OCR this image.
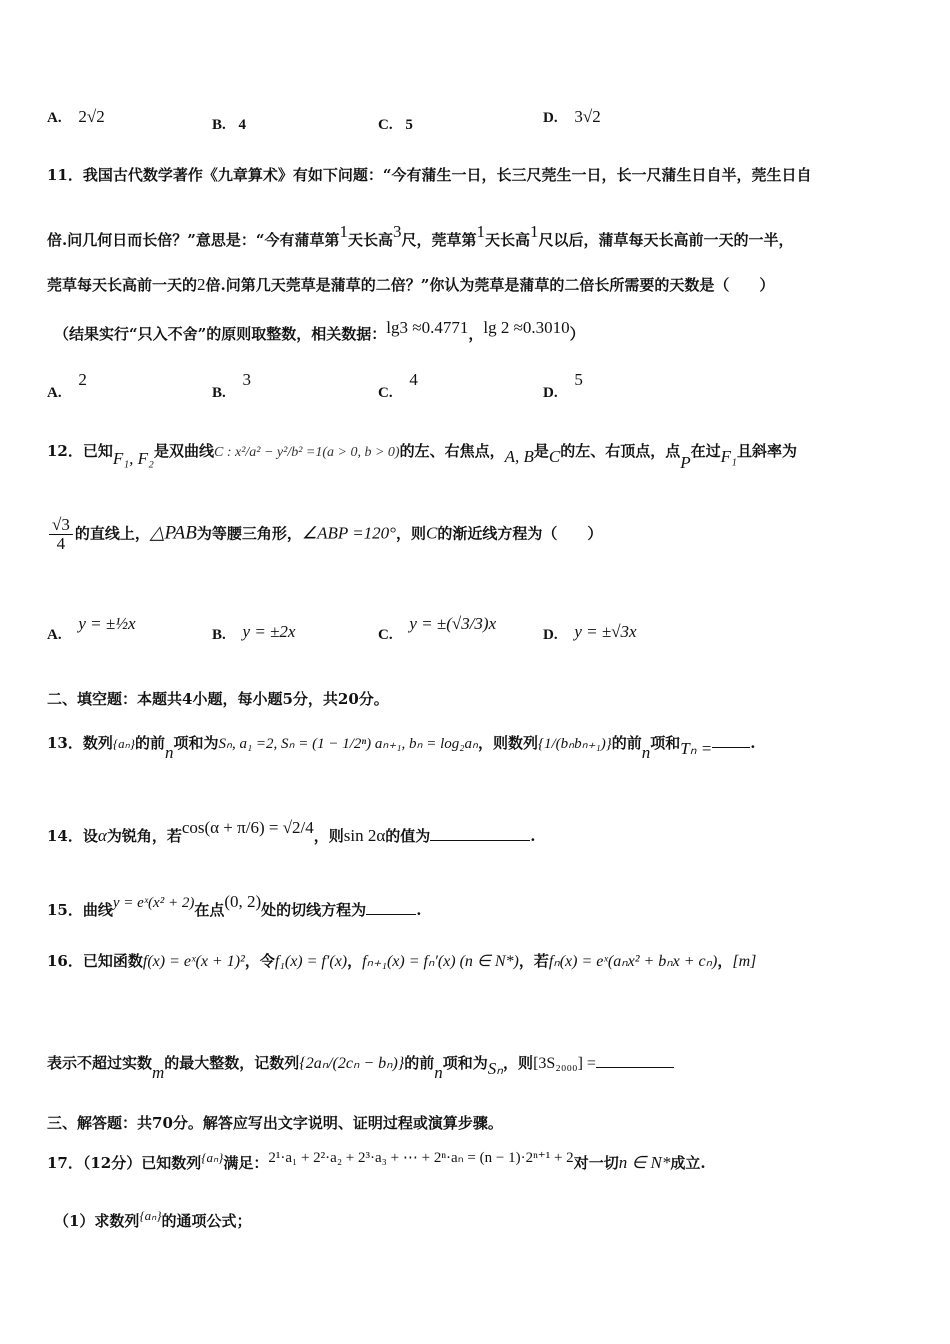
A. 2√2	B. 4	C. 5	D. 3√2
11．我国古代数学著作《九章算术》有如下问题：“今有蒲生一日，长三尺莞生一日，长一尺蒲生日自半，莞生日自
倍.问几何日而长倍？”意思是：“今有蒲草第1天长高3尺，莞草第1天长高1尺以后，蒲草每天长高前一天的一半，
莞草每天长高前一天的2倍.问第几天莞草是蒲草的二倍？”你认为莞草是蒲草的二倍长所需要的天数是（　　）
（结果实行“只入不舍”的原则取整数，相关数据：lg3 ≈0.4771，lg 2 ≈0.3010）
A. 2
B. 3
C. 4
D. 5
12．已知F₁, F₂是双曲线C : x²/a² − y²/b² =1(a > 0, b > 0)的左、右焦点，A, B是C的左、右顶点，点P在过F₁且斜率为
$\frac{√3}{4}$ 的直线上，△PAB为等腰三角形，∠ABP =120°，则C的渐近线方程为（　　）
A. y = ±½x
B. y = ±2x	C. y = ±(√3/3)x
D. y = ±√3x
二、填空题：本题共4小题，每小题5分，共20分。
13．数列{aₙ}的前n项和为Sₙ, a₁ =2, Sₙ = (1 − 1/2ⁿ) aₙ₊₁, bₙ = log₂aₙ，则数列{1/(bₙbₙ₊₁)}的前n项和Tₙ =	.
14．设α为锐角，若cos(α + π/6) = √2/4，则sin 2α的值为	.
15．曲线y = eˣ(x² + 2)在点(0, 2)处的切线方程为	.
16．已知函数f(x) = eˣ(x + 1)²，令f₁(x) = f′(x)，fₙ₊₁(x) = fₙ′(x) (n ∈ N*)，若fₙ(x) = eˣ(aₙx² + bₙx + cₙ)，[m]
表示不超过实数m的最大整数，记数列{2aₙ/(2cₙ − bₙ)}的前n项和为Sₙ，则[3S₂₀₀₀] =
三、解答题：共70分。解答应写出文字说明、证明过程或演算步骤。
17．（12分）已知数列{aₙ}满足：2¹·a₁ + 2²·a₂ + 2³·a₃ + ⋯ + 2ⁿ·aₙ = (n − 1)·2ⁿ⁺¹ + 2对一切n ∈ N*成立.
（1）求数列{aₙ}的通项公式；
